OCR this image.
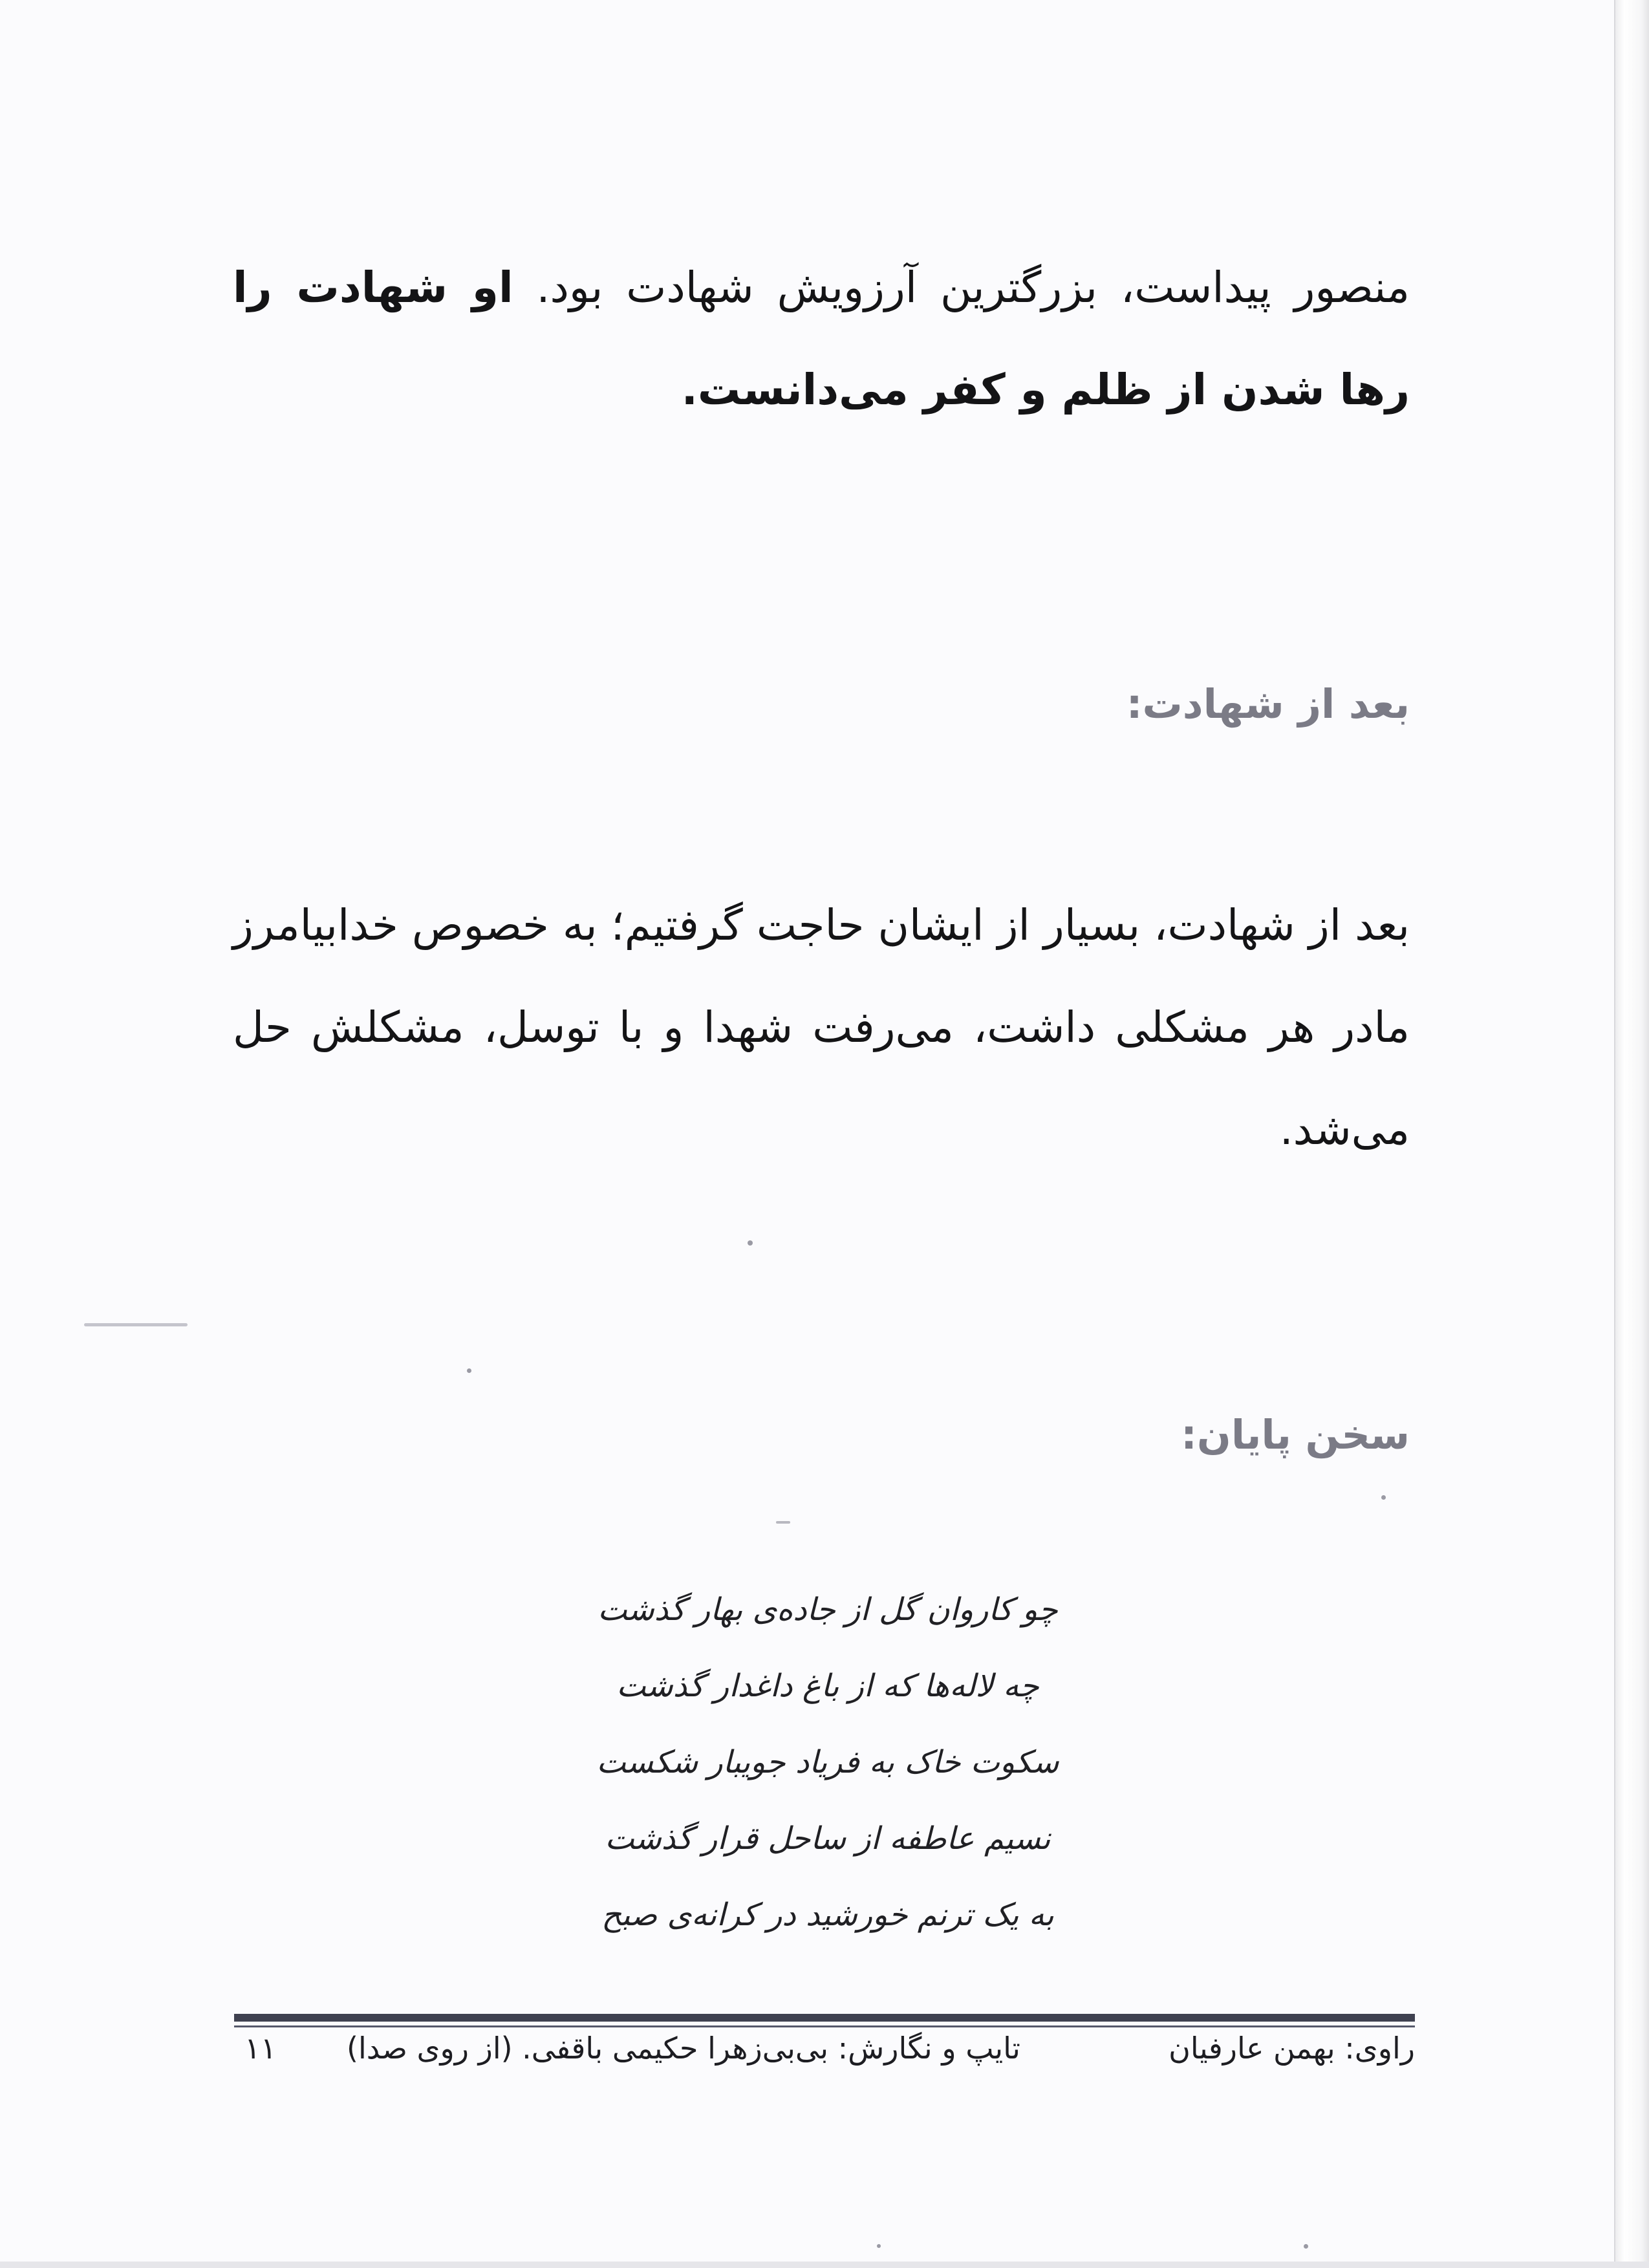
منصور پیداست، بزرگترین آرزویش شهادت بود. او شهادت را رها شدن از ظلم و کفر می‌دانست.

بعد از شهادت:

بعد از شهادت، بسیار از ایشان حاجت گرفتیم؛ به خصوص خدابیامرز مادر هر مشکلی داشت، می‌رفت شهدا و با توسل، مشکلش حل می‌شد.

سخن پایان:
چو کاروان گل از جاده‌ی بهار گذشت
چه لاله‌ها که از باغ داغدار گذشت
سکوت خاک به فریاد جویبار شکست
نسیم عاطفه از ساحل قرار گذشت
به یک ترنم خورشید در کرانه‌ی صبح
راوی: بهمن عارفیان
تایپ و نگارش: بی‌بی‌زهرا حکیمی باقفی. (از روی صدا)
۱۱
